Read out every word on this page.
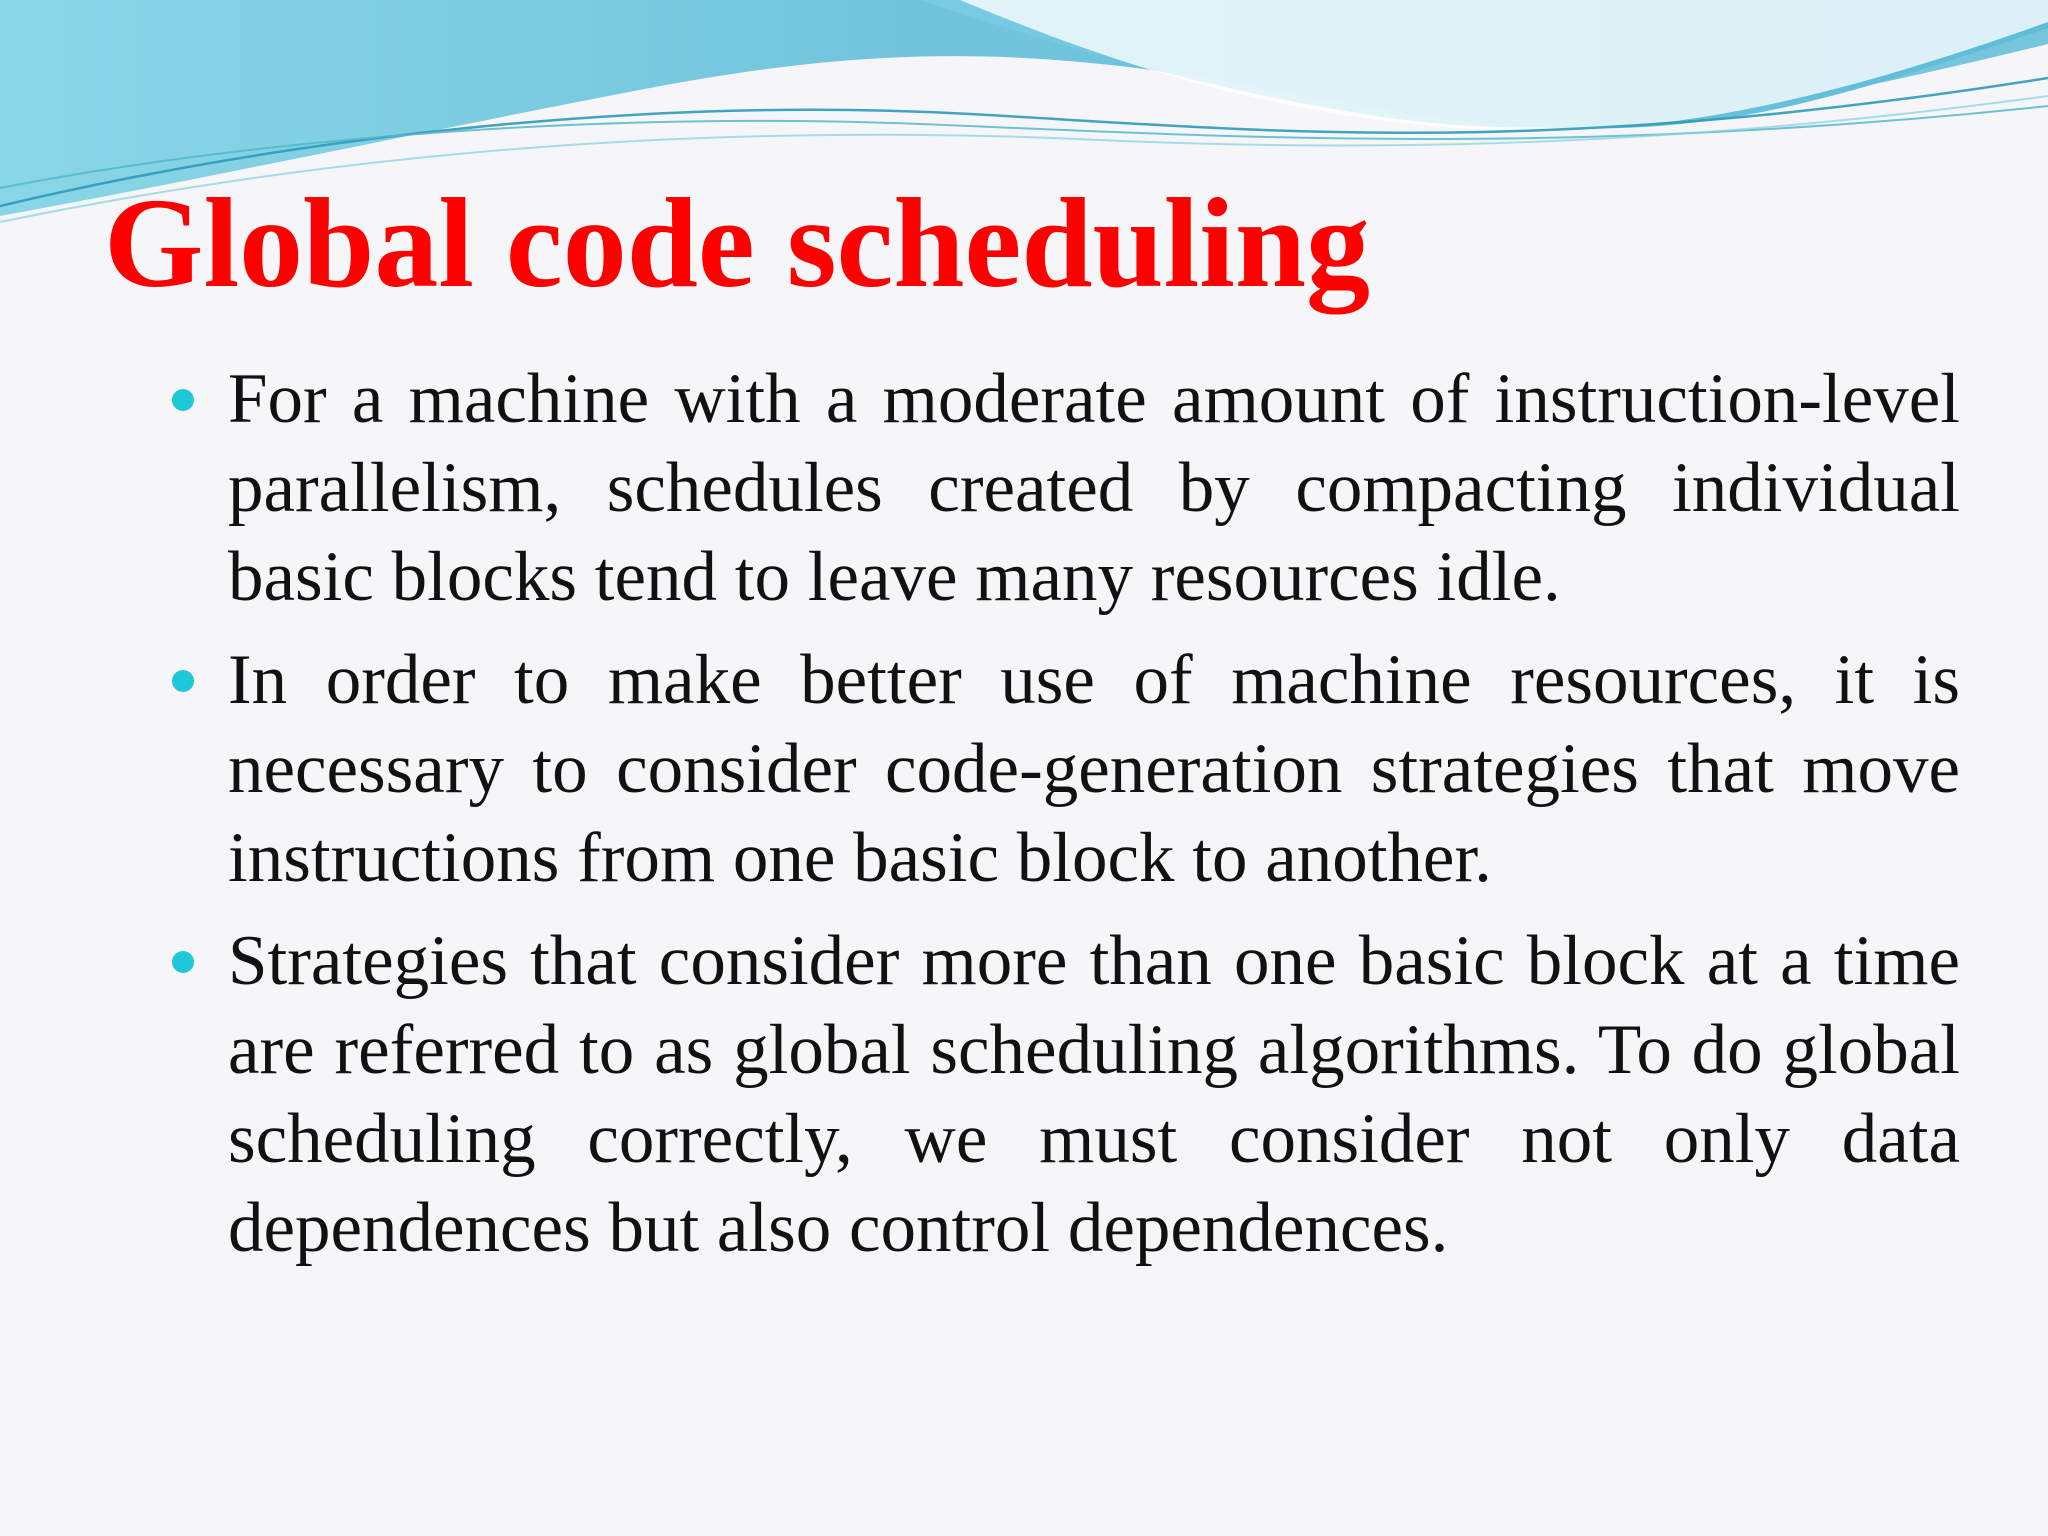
Global code scheduling
For a machine with a moderate amount of instruction-level parallelism, schedules created by compacting individual basic blocks tend to leave many resources idle.
In order to make better use of machine resources, it is necessary to consider code-generation strategies that move instructions from one basic block to another.
Strategies that consider more than one basic block at a time are referred to as global scheduling algorithms. To do global scheduling correctly, we must consider not only data dependences but also control dependences.
